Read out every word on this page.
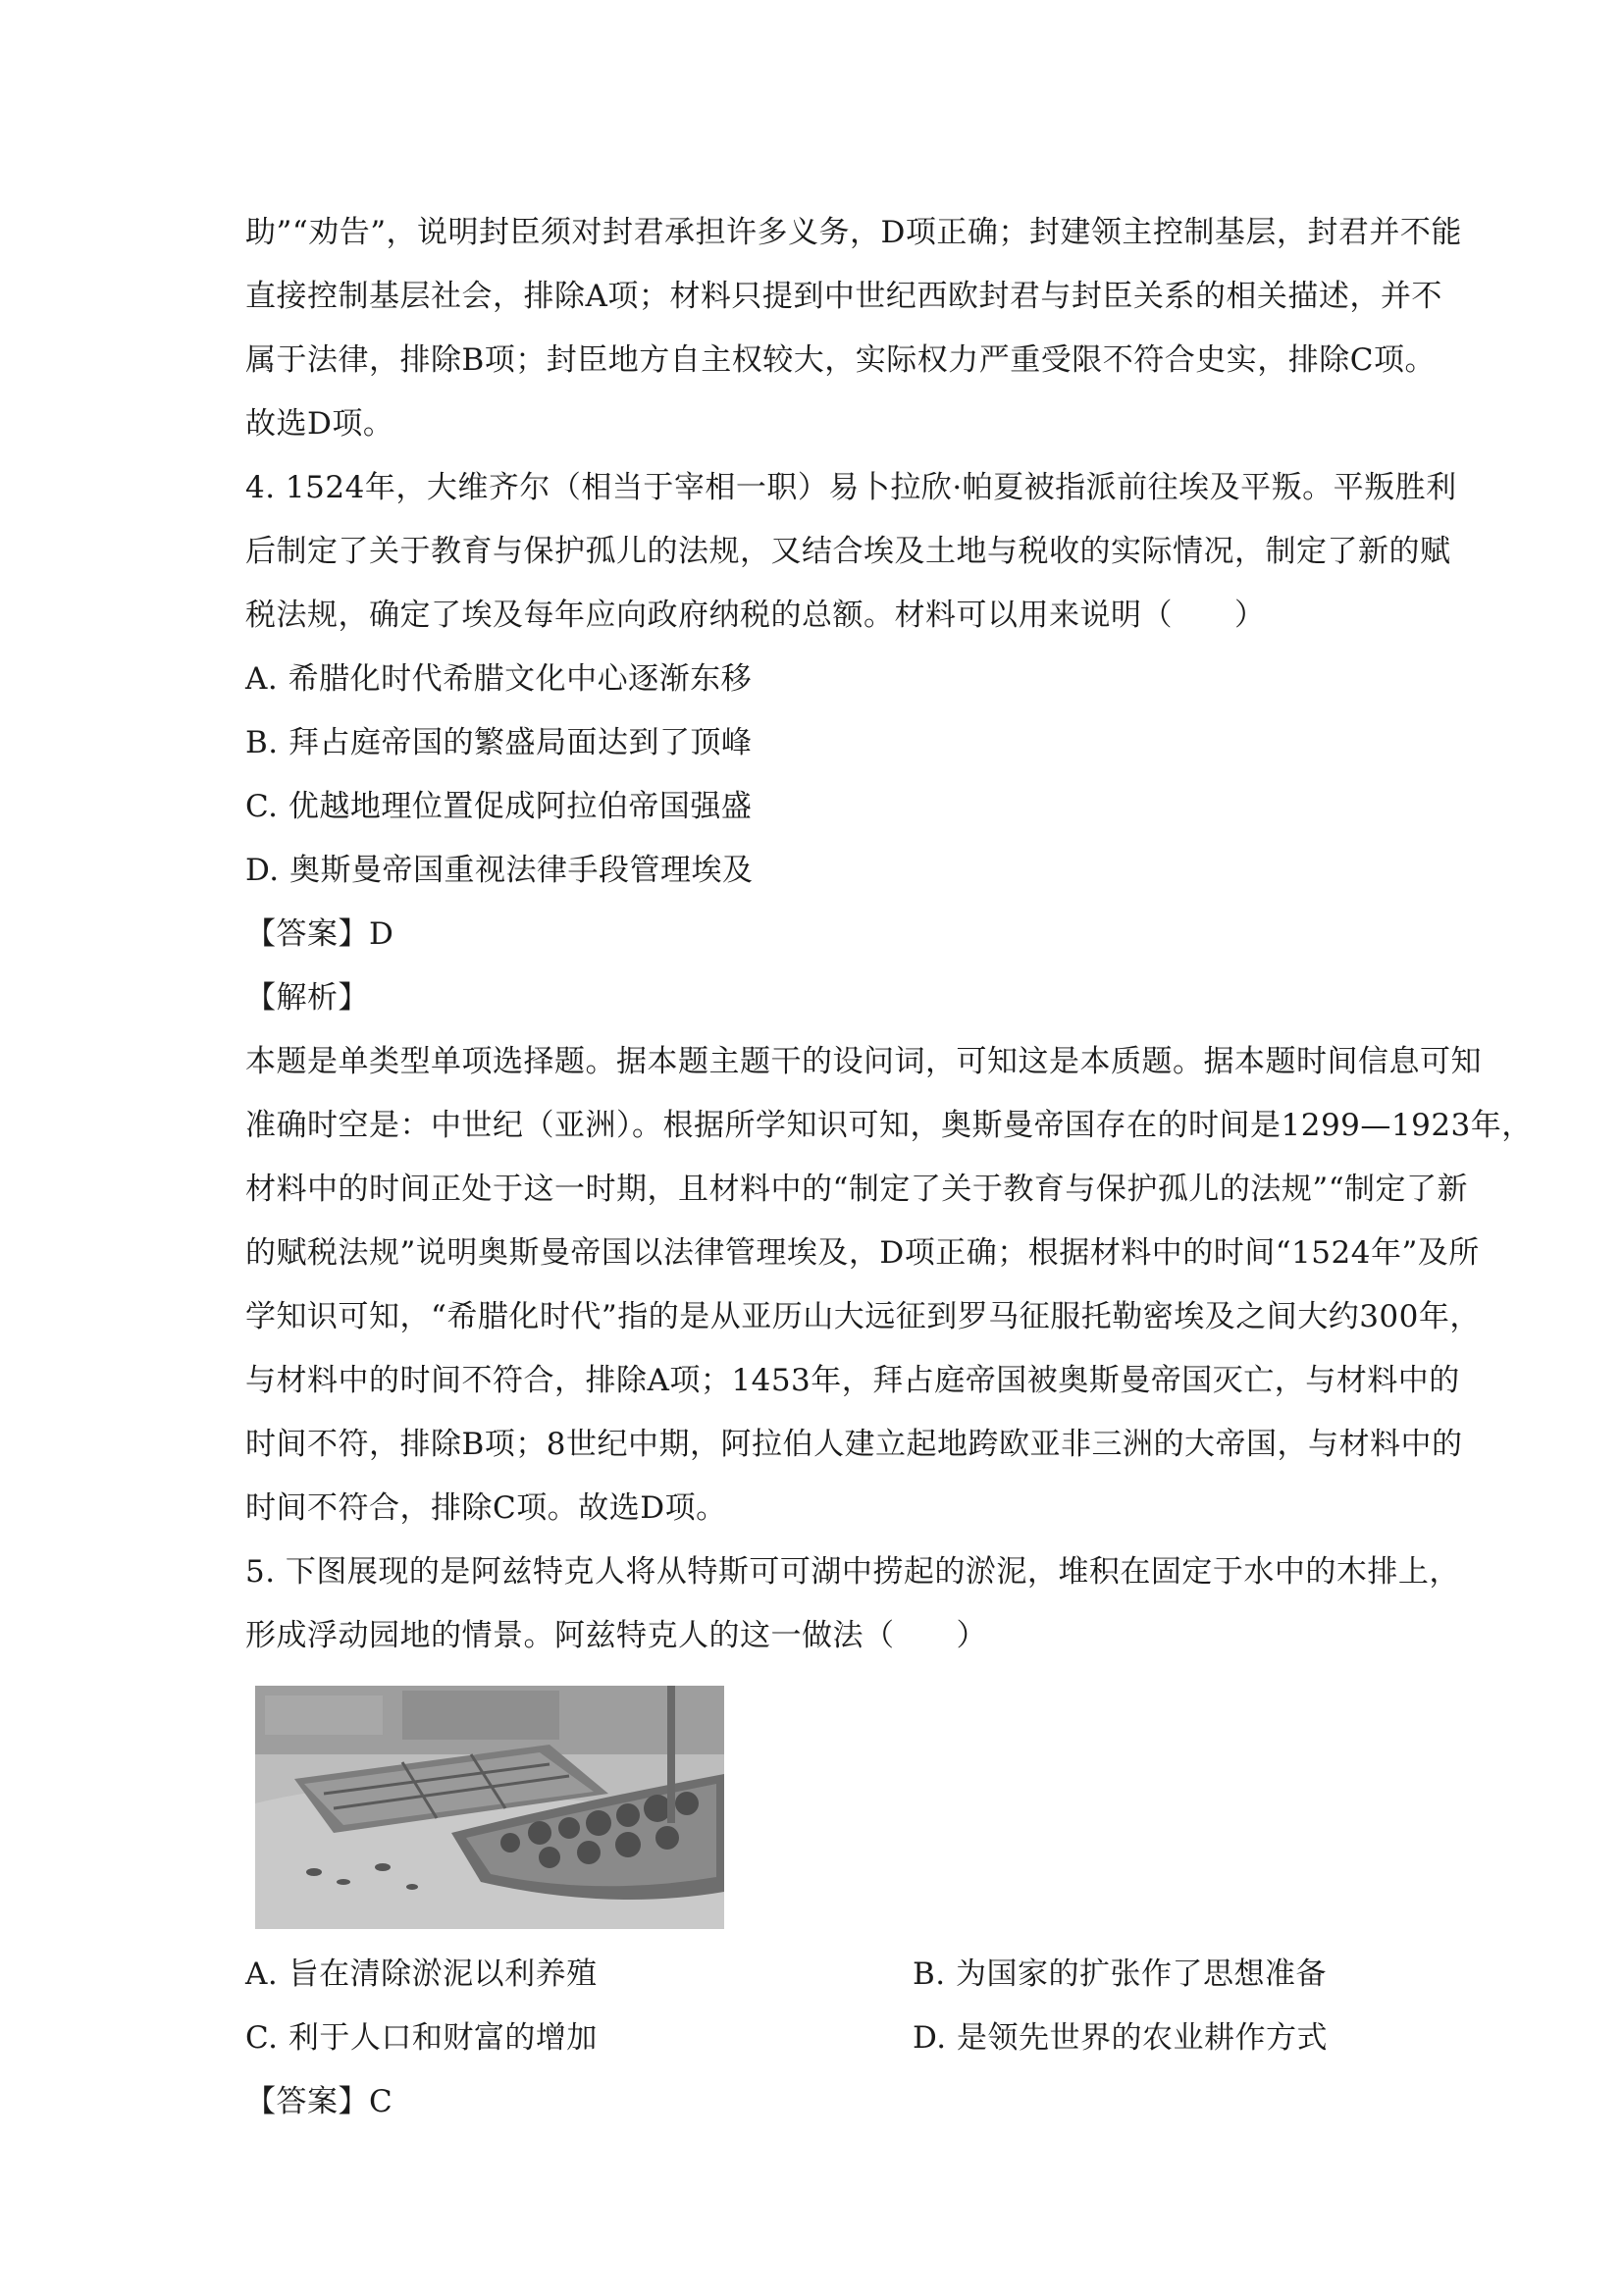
助”“劝告”，说明封臣须对封君承担许多义务，D项正确；封建领主控制基层，封君并不能
直接控制基层社会，排除A项；材料只提到中世纪西欧封君与封臣关系的相关描述，并不
属于法律，排除B项；封臣地方自主权较大，实际权力严重受限不符合史实，排除C项。
故选D项。
4. 1524年，大维齐尔（相当于宰相一职）易卜拉欣·帕夏被指派前往埃及平叛。平叛胜利
后制定了关于教育与保护孤儿的法规，又结合埃及土地与税收的实际情况，制定了新的赋
税法规，确定了埃及每年应向政府纳税的总额。材料可以用来说明（　　）
A. 希腊化时代希腊文化中心逐渐东移
B. 拜占庭帝国的繁盛局面达到了顶峰
C. 优越地理位置促成阿拉伯帝国强盛
D. 奥斯曼帝国重视法律手段管理埃及
【答案】D
【解析】
本题是单类型单项选择题。据本题主题干的设问词，可知这是本质题。据本题时间信息可知
准确时空是：中世纪（亚洲）。根据所学知识可知，奥斯曼帝国存在的时间是1299—1923年，
材料中的时间正处于这一时期，且材料中的“制定了关于教育与保护孤儿的法规”“制定了新
的赋税法规”说明奥斯曼帝国以法律管理埃及，D项正确；根据材料中的时间“1524年”及所
学知识可知，“希腊化时代”指的是从亚历山大远征到罗马征服托勒密埃及之间大约300年，
与材料中的时间不符合，排除A项；1453年，拜占庭帝国被奥斯曼帝国灭亡，与材料中的
时间不符，排除B项；8世纪中期，阿拉伯人建立起地跨欧亚非三洲的大帝国，与材料中的
时间不符合，排除C项。故选D项。
5. 下图展现的是阿兹特克人将从特斯可可湖中捞起的淤泥，堆积在固定于水中的木排上，
形成浮动园地的情景。阿兹特克人的这一做法（　　）
A. 旨在清除淤泥以利养殖	B. 为国家的扩张作了思想准备
C. 利于人口和财富的增加	D. 是领先世界的农业耕作方式
【答案】C
